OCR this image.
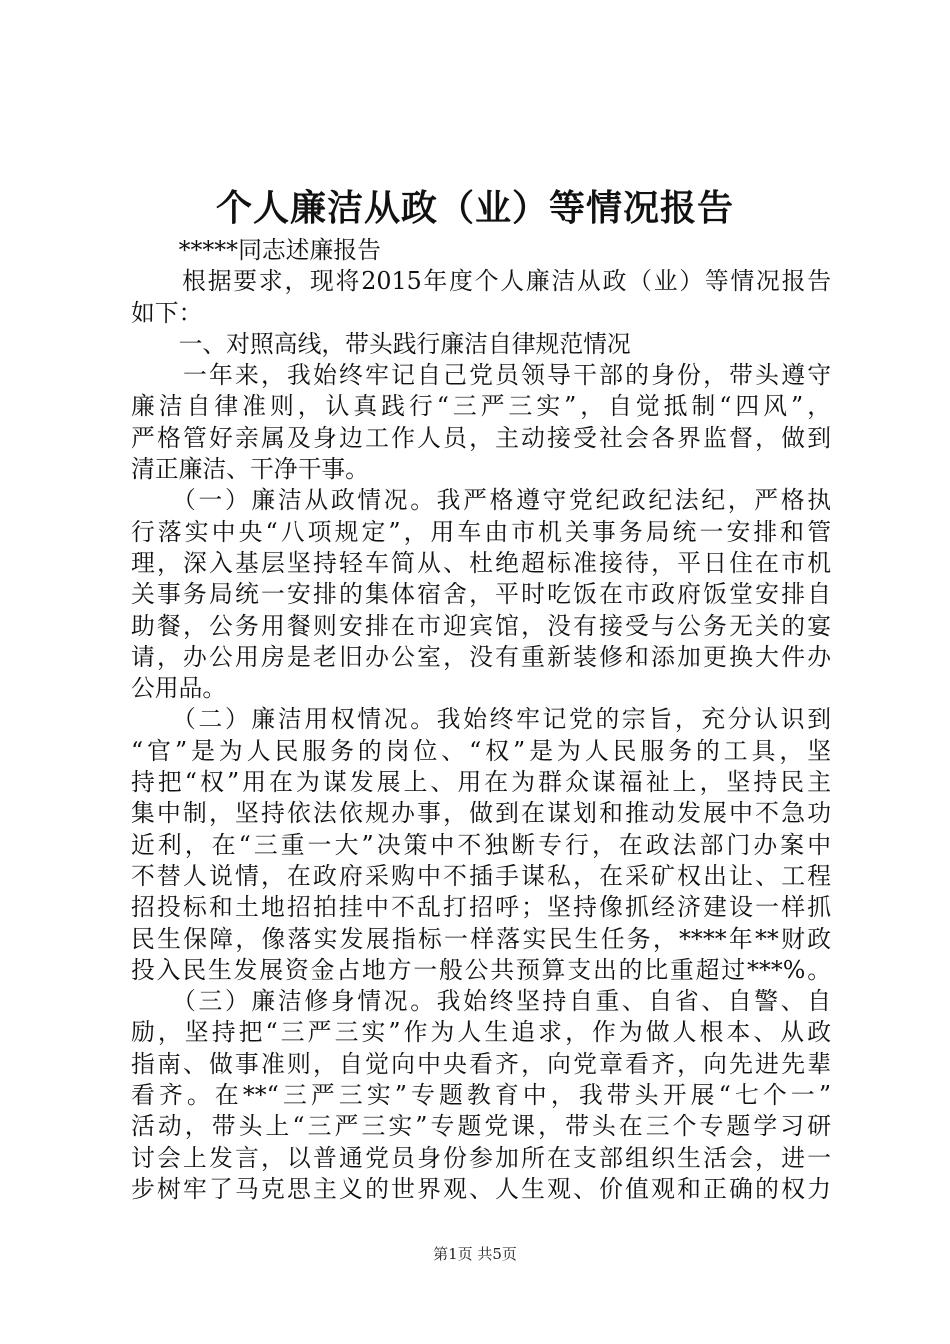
个人廉洁从政（业）等情况报告
　　*****同志述廉报告
　　根据要求，现将2015年度个人廉洁从政（业）等情况报告
如下：
　　一、对照高线，带头践行廉洁自律规范情况
　　一年来，我始终牢记自己党员领导干部的身份，带头遵守
廉洁自律准则，认真践行“三严三实”，自觉抵制“四风”，
严格管好亲属及身边工作人员，主动接受社会各界监督，做到
清正廉洁、干净干事。
　　（一）廉洁从政情况。我严格遵守党纪政纪法纪，严格执
行落实中央“八项规定”，用车由市机关事务局统一安排和管
理，深入基层坚持轻车简从、杜绝超标准接待，平日住在市机
关事务局统一安排的集体宿舍，平时吃饭在市政府饭堂安排自
助餐，公务用餐则安排在市迎宾馆，没有接受与公务无关的宴
请，办公用房是老旧办公室，没有重新装修和添加更换大件办
公用品。
　　（二）廉洁用权情况。我始终牢记党的宗旨，充分认识到
“官”是为人民服务的岗位、“权”是为人民服务的工具，坚
持把“权”用在为谋发展上、用在为群众谋福祉上，坚持民主
集中制，坚持依法依规办事，做到在谋划和推动发展中不急功
近利，在“三重一大”决策中不独断专行，在政法部门办案中
不替人说情，在政府采购中不插手谋私，在采矿权出让、工程
招投标和土地招拍挂中不乱打招呼；坚持像抓经济建设一样抓
民生保障，像落实发展指标一样落实民生任务，****年**财政
投入民生发展资金占地方一般公共预算支出的比重超过***%。
　　（三）廉洁修身情况。我始终坚持自重、自省、自警、自
励，坚持把“三严三实”作为人生追求，作为做人根本、从政
指南、做事准则，自觉向中央看齐，向党章看齐，向先进先辈
看齐。在**“三严三实”专题教育中，我带头开展“七个一”
活动，带头上“三严三实”专题党课，带头在三个专题学习研
讨会上发言，以普通党员身份参加所在支部组织生活会，进一
步树牢了马克思主义的世界观、人生观、价值观和正确的权力
第1页 共5页
